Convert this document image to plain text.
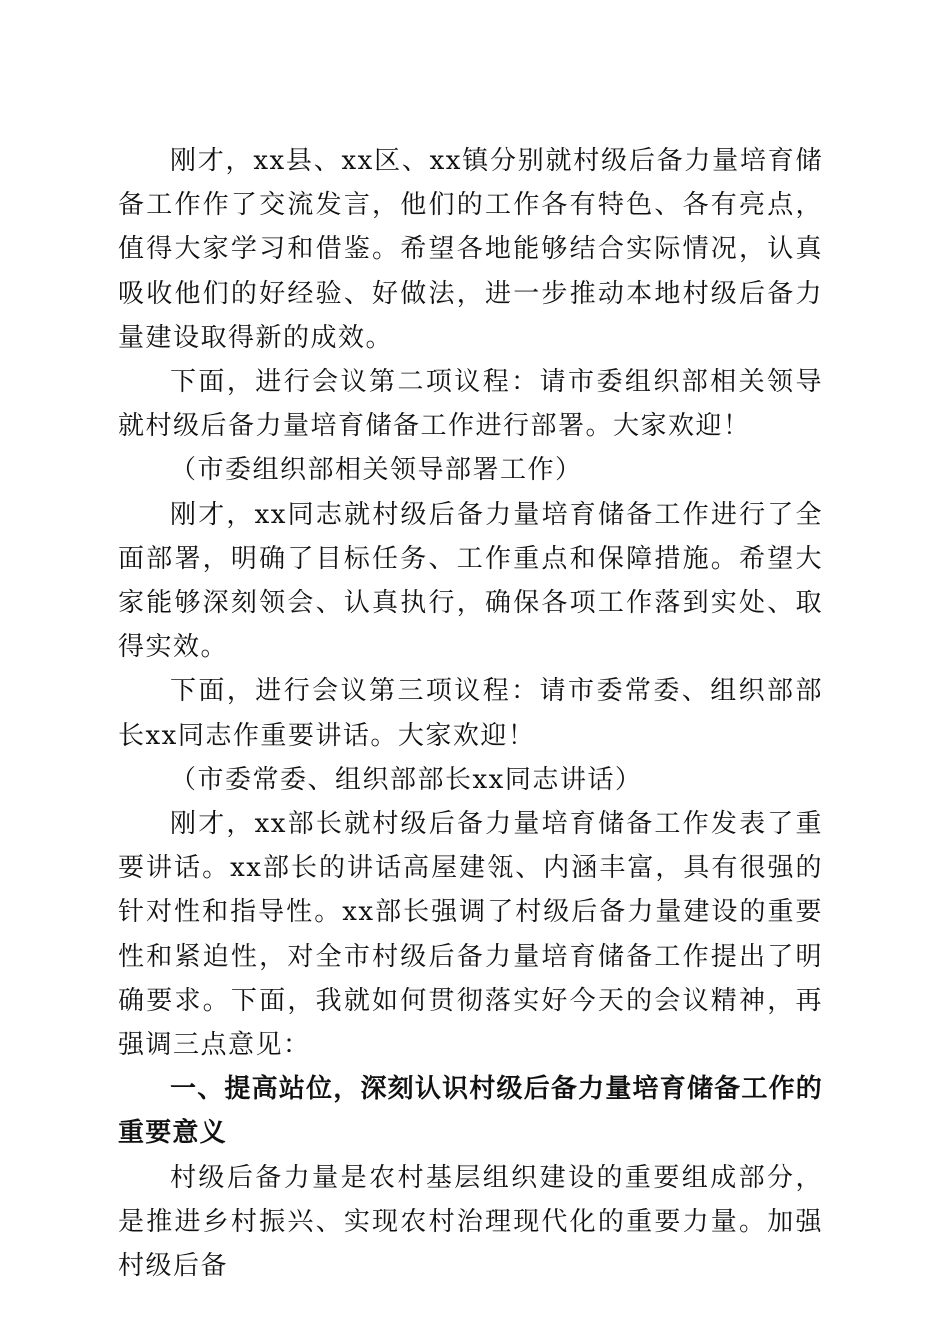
刚才，xx县、xx区、xx镇分别就村级后备力量培育储备工作作了交流发言，他们的工作各有特色、各有亮点，值得大家学习和借鉴。希望各地能够结合实际情况，认真吸收他们的好经验、好做法，进一步推动本地村级后备力量建设取得新的成效。

下面，进行会议第二项议程：请市委组织部相关领导就村级后备力量培育储备工作进行部署。大家欢迎！

（市委组织部相关领导部署工作）

刚才，xx同志就村级后备力量培育储备工作进行了全面部署，明确了目标任务、工作重点和保障措施。希望大家能够深刻领会、认真执行，确保各项工作落到实处、取得实效。

下面，进行会议第三项议程：请市委常委、组织部部长xx同志作重要讲话。大家欢迎！

（市委常委、组织部部长xx同志讲话）

刚才，xx部长就村级后备力量培育储备工作发表了重要讲话。xx部长的讲话高屋建瓴、内涵丰富，具有很强的针对性和指导性。xx部长强调了村级后备力量建设的重要性和紧迫性，对全市村级后备力量培育储备工作提出了明确要求。下面，我就如何贯彻落实好今天的会议精神，再强调三点意见：

一、提高站位，深刻认识村级后备力量培育储备工作的重要意义

村级后备力量是农村基层组织建设的重要组成部分，是推进乡村振兴、实现农村治理现代化的重要力量。加强村级后备
